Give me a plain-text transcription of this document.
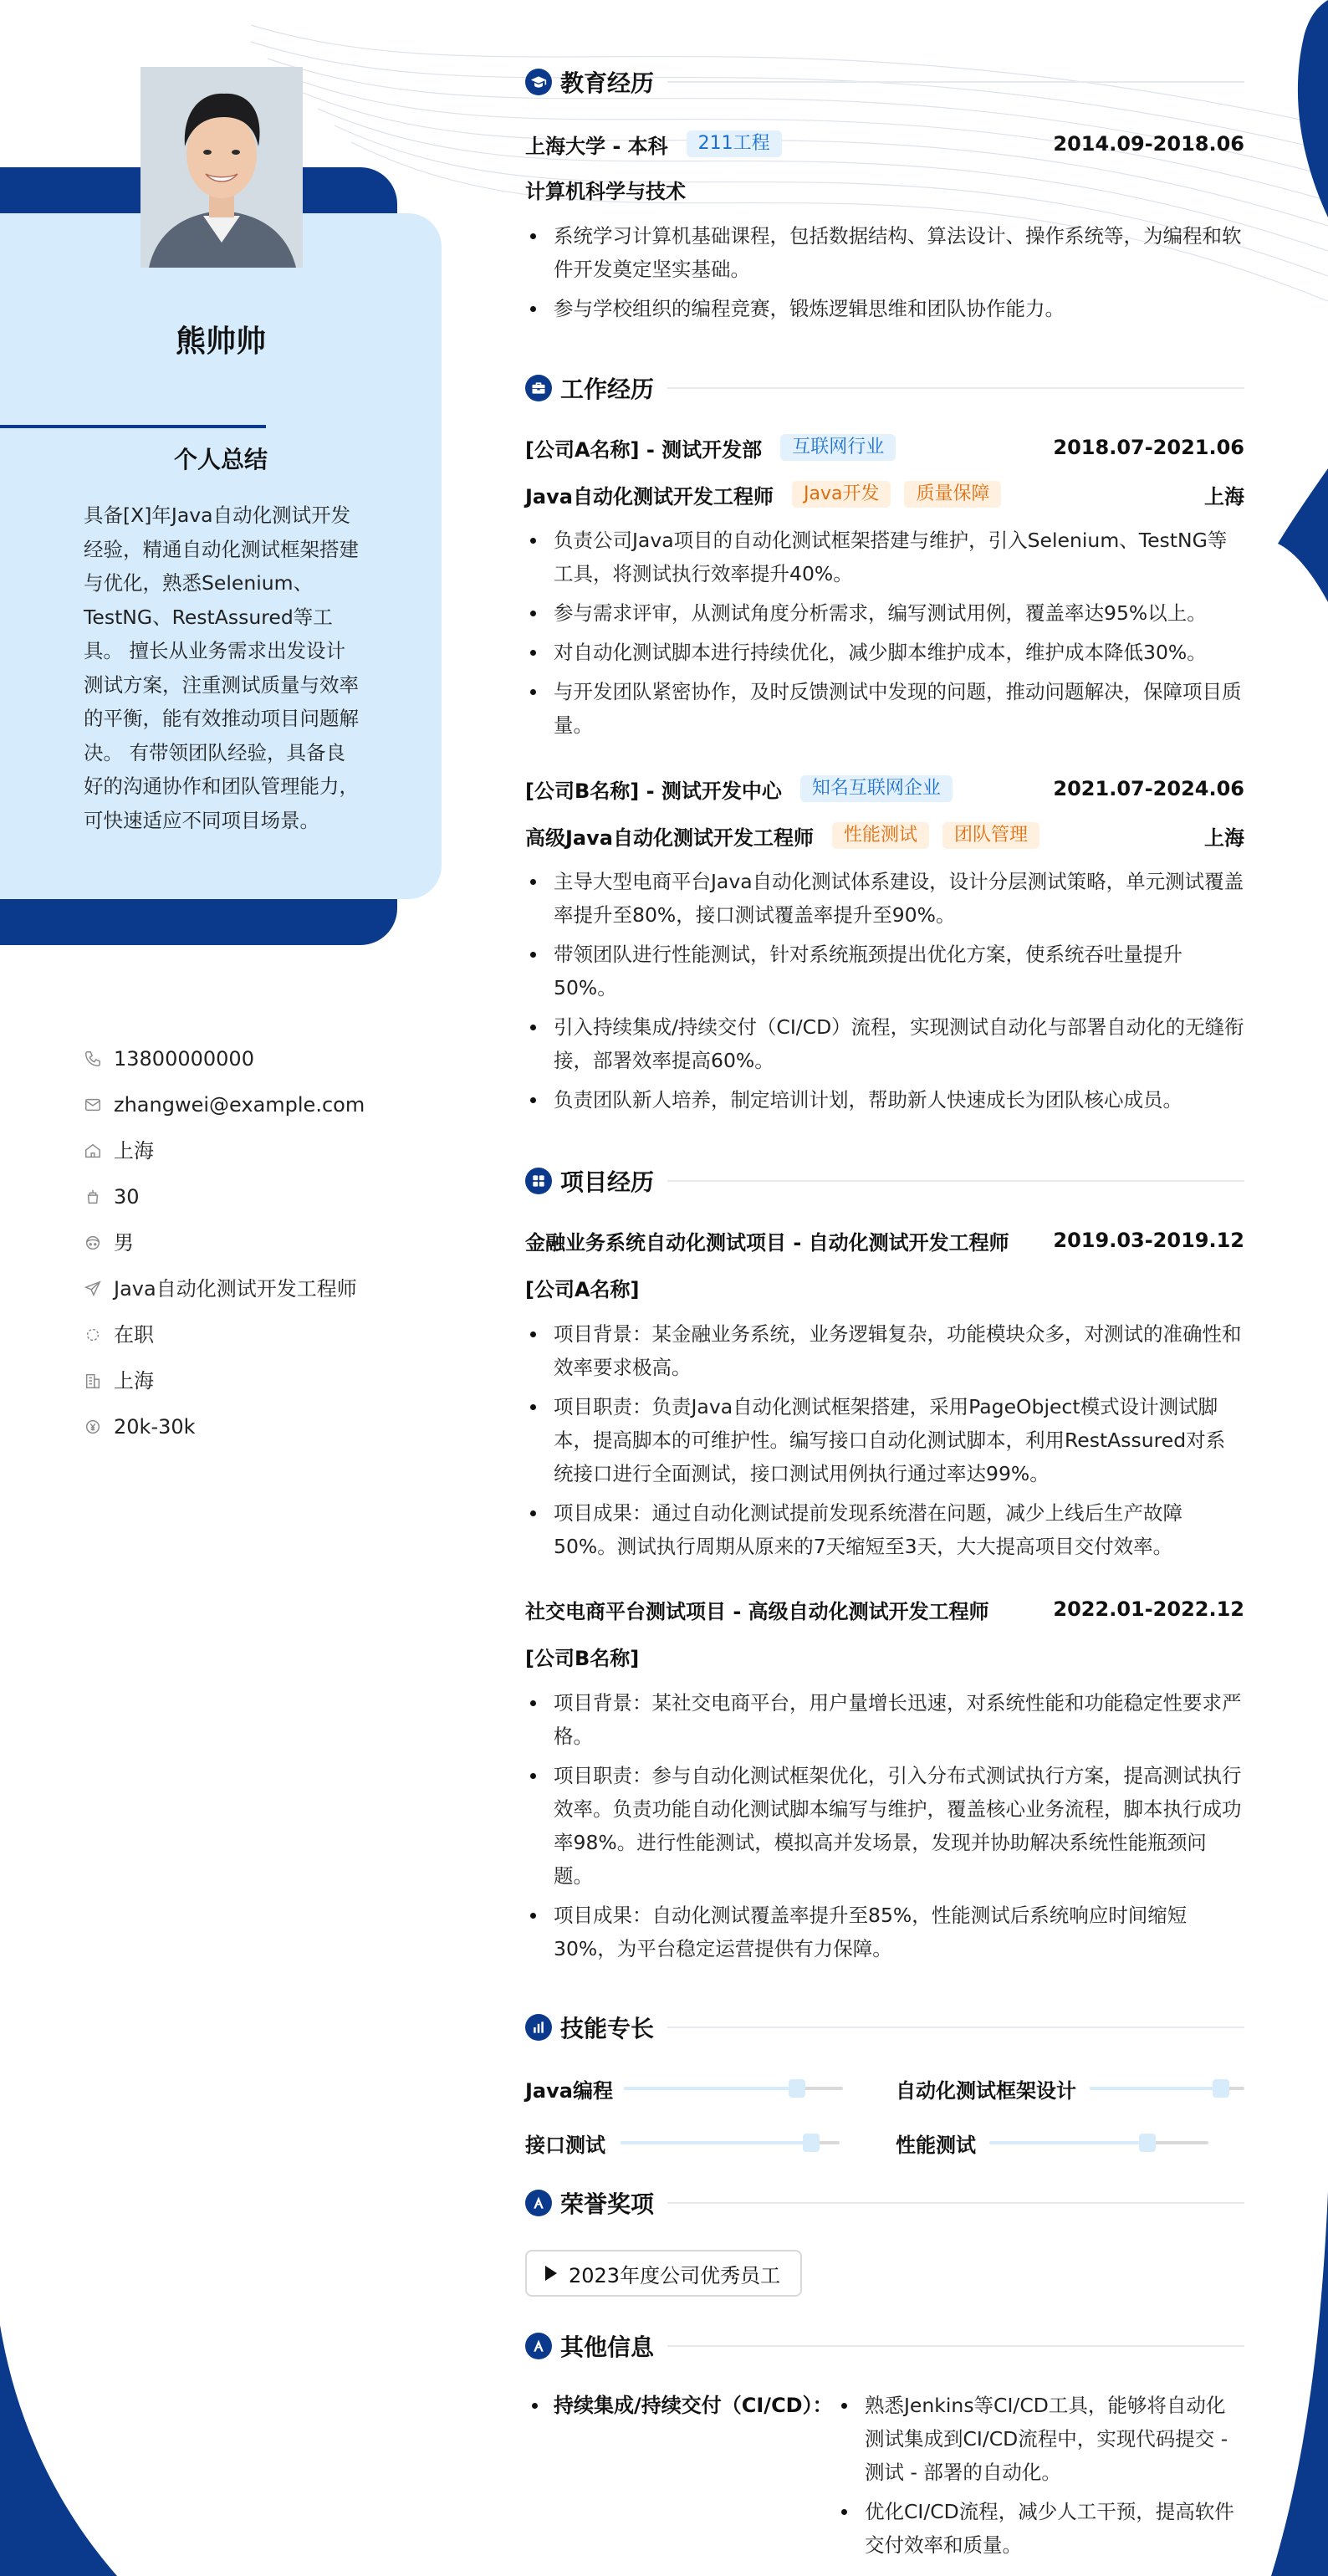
熊帅帅
个人总结
具备[X]年Java自动化测试开发经验，精通自动化测试框架搭建与优化，熟悉Selenium、TestNG、RestAssured等工具。 擅长从业务需求出发设计测试方案，注重测试质量与效率的平衡，能有效推动项目问题解决。 有带领团队经验，具备良好的沟通协作和团队管理能力，可快速适应不同项目场景。
13800000000
zhangwei@example.com
上海
30
男
Java自动化测试开发工程师
在职
上海
20k-30k
教育经历
上海大学 - 本科	211工程	2014.09-2018.06
计算机科学与技术
系统学习计算机基础课程，包括数据结构、算法设计、操作系统等，为编程和软件开发奠定坚实基础。
参与学校组织的编程竞赛，锻炼逻辑思维和团队协作能力。
工作经历
[公司A名称] - 测试开发部	互联网行业	2018.07-2021.06
Java自动化测试开发工程师	Java开发	质量保障	上海
负责公司Java项目的自动化测试框架搭建与维护，引入Selenium、TestNG等工具，将测试执行效率提升40%。
参与需求评审，从测试角度分析需求，编写测试用例，覆盖率达95%以上。
对自动化测试脚本进行持续优化，减少脚本维护成本，维护成本降低30%。
与开发团队紧密协作，及时反馈测试中发现的问题，推动问题解决，保障项目质量。
[公司B名称] - 测试开发中心	知名互联网企业	2021.07-2024.06
高级Java自动化测试开发工程师	性能测试	团队管理	上海
主导大型电商平台Java自动化测试体系建设，设计分层测试策略，单元测试覆盖率提升至80%，接口测试覆盖率提升至90%。
带领团队进行性能测试，针对系统瓶颈提出优化方案，使系统吞吐量提升50%。
引入持续集成/持续交付（CI/CD）流程，实现测试自动化与部署自动化的无缝衔接，部署效率提高60%。
负责团队新人培养，制定培训计划，帮助新人快速成长为团队核心成员。
项目经历
金融业务系统自动化测试项目 - 自动化测试开发工程师 2019.03-2019.12
[公司A名称]
项目背景：某金融业务系统，业务逻辑复杂，功能模块众多，对测试的准确性和效率要求极高。
项目职责：负责Java自动化测试框架搭建，采用PageObject模式设计测试脚本，提高脚本的可维护性。编写接口自动化测试脚本，利用RestAssured对系统接口进行全面测试，接口测试用例执行通过率达99%。
项目成果：通过自动化测试提前发现系统潜在问题，减少上线后生产故障50%。测试执行周期从原来的7天缩短至3天，大大提高项目交付效率。
社交电商平台测试项目 - 高级自动化测试开发工程师	2022.01-2022.12
[公司B名称]
项目背景：某社交电商平台，用户量增长迅速，对系统性能和功能稳定性要求严格。
项目职责：参与自动化测试框架优化，引入分布式测试执行方案，提高测试执行效率。负责功能自动化测试脚本编写与维护，覆盖核心业务流程，脚本执行成功率98%。进行性能测试，模拟高并发场景，发现并协助解决系统性能瓶颈问题。
项目成果：自动化测试覆盖率提升至85%，性能测试后系统响应时间缩短30%，为平台稳定运营提供有力保障。
技能专长
Java编程	自动化测试框架设计
接口测试	性能测试
荣誉奖项
2023年度公司优秀员工
其他信息
持续集成/持续交付（CI/CD）：	熟悉Jenkins等CI/CD工具，能够将自动化测试集成到CI/CD流程中，实现代码提交 - 测试 - 部署的自动化。
优化CI/CD流程，减少人工干预，提高软件交付效率和质量。
